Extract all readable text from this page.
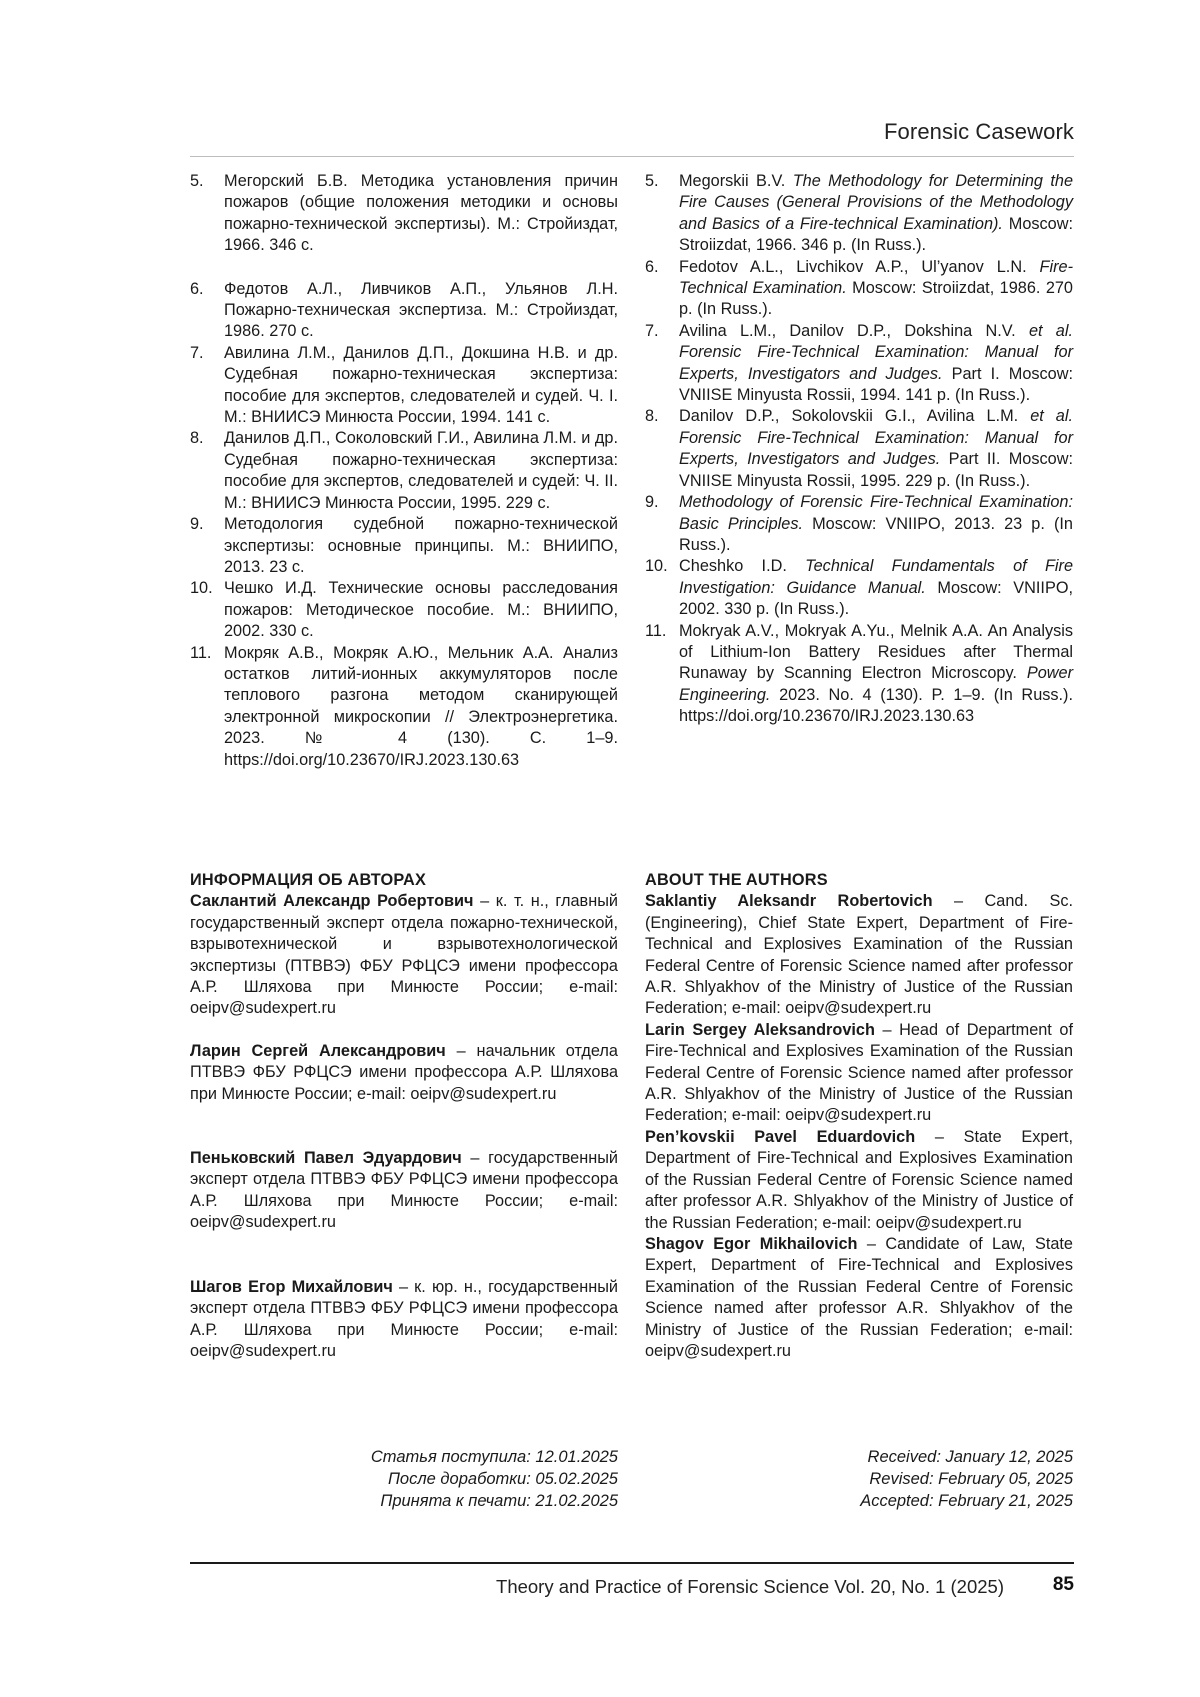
Forensic Casework
5. Мегорский Б.В. Методика установления причин пожаров (общие положения методики и основы пожарно-технической экспертизы). М.: Стройиздат, 1966. 346 с.
6. Федотов А.Л., Ливчиков А.П., Ульянов Л.Н. Пожарно-техническая экспертиза. М.: Стройиздат, 1986. 270 с.
7. Авилина Л.М., Данилов Д.П., Докшина Н.В. и др. Судебная пожарно-техническая экспертиза: пособие для экспертов, следователей и судей. Ч. I. М.: ВНИИСЭ Минюста России, 1994. 141 с.
8. Данилов Д.П., Соколовский Г.И., Авилина Л.М. и др. Судебная пожарно-техническая экспертиза: пособие для экспертов, следователей и судей: Ч. II. М.: ВНИИСЭ Минюста России, 1995. 229 с.
9. Методология судебной пожарно-технической экспертизы: основные принципы. М.: ВНИИПО, 2013. 23 с.
10. Чешко И.Д. Технические основы расследования пожаров: Методическое пособие. М.: ВНИИПО, 2002. 330 с.
11. Мокряк А.В., Мокряк А.Ю., Мельник А.А. Анализ остатков литий-ионных аккумуляторов после теплового разгона методом сканирующей электронной микроскопии // Электроэнергетика. 2023. № 4 (130). С. 1–9. https://doi.org/10.23670/IRJ.2023.130.63
5. Megorskii B.V. The Methodology for Determining the Fire Causes (General Provisions of the Methodology and Basics of a Fire-technical Examination). Moscow: Stroiizdat, 1966. 346 p. (In Russ.).
6. Fedotov A.L., Livchikov A.P., Ul’yanov L.N. Fire-Technical Examination. Moscow: Stroiizdat, 1986. 270 p. (In Russ.).
7. Avilina L.M., Danilov D.P., Dokshina N.V. et al. Forensic Fire-Technical Examination: Manual for Experts, Investigators and Judges. Part I. Moscow: VNIISE Minyusta Rossii, 1994. 141 p. (In Russ.).
8. Danilov D.P., Sokolovskii G.I., Avilina L.M. et al. Forensic Fire-Technical Examination: Manual for Experts, Investigators and Judges. Part II. Moscow: VNIISE Minyusta Rossii, 1995. 229 p. (In Russ.).
9. Methodology of Forensic Fire-Technical Examination: Basic Principles. Moscow: VNIIPO, 2013. 23 p. (In Russ.).
10. Cheshko I.D. Technical Fundamentals of Fire Investigation: Guidance Manual. Moscow: VNIIPO, 2002. 330 p. (In Russ.).
11. Mokryak A.V., Mokryak A.Yu., Melnik A.A. An Analysis of Lithium-Ion Battery Residues after Thermal Runaway by Scanning Electron Microscopy. Power Engineering. 2023. No. 4 (130). P. 1–9. (In Russ.). https://doi.org/10.23670/IRJ.2023.130.63
ИНФОРМАЦИЯ ОБ АВТОРАХ

Саклантий Александр Робертович – к. т. н., главный государственный эксперт отдела пожарно-технической, взрывотехнической и взрывотехнологической экспертизы (ПТВВЭ) ФБУ РФЦСЭ имени профессора А.Р. Шляхова при Минюсте России; e-mail: oeipv@sudexpert.ru

Ларин Сергей Александрович – начальник отдела ПТВВЭ ФБУ РФЦСЭ имени профессора А.Р. Шляхова при Минюсте России; e-mail: oeipv@sudexpert.ru

Пеньковский Павел Эдуардович – государственный эксперт отдела ПТВВЭ ФБУ РФЦСЭ имени профессора А.Р. Шляхова при Минюсте России; e-mail: oeipv@sudexpert.ru

Шагов Егор Михайлович – к. юр. н., государственный эксперт отдела ПТВВЭ ФБУ РФЦСЭ имени профессора А.Р. Шляхова при Минюсте России; e-mail: oeipv@sudexpert.ru

ABOUT THE AUTHORS

Saklantiy Aleksandr Robertovich – Cand. Sc. (Engineering), Chief State Expert, Department of Fire-Technical and Explosives Examination of the Russian Federal Centre of Forensic Science named after professor A.R. Shlyakhov of the Ministry of Justice of the Russian Federation; e-mail: oeipv@sudexpert.ru

Larin Sergey Aleksandrovich – Head of Department of Fire-Technical and Explosives Examination of the Russian Federal Centre of Forensic Science named after professor A.R. Shlyakhov of the Ministry of Justice of the Russian Federation; e-mail: oeipv@sudexpert.ru

Pen’kovskii Pavel Eduardovich – State Expert, Department of Fire-Technical and Explosives Examination of the Russian Federal Centre of Forensic Science named after professor A.R. Shlyakhov of the Ministry of Justice of the Russian Federation; e-mail: oeipv@sudexpert.ru

Shagov Egor Mikhailovich – Candidate of Law, State Expert, Department of Fire-Technical and Explosives Examination of the Russian Federal Centre of Forensic Science named after professor A.R. Shlyakhov of the Ministry of Justice of the Russian Federation; e-mail: oeipv@sudexpert.ru

Статья поступила: 12.01.2025
После доработки: 05.02.2025
Принята к печати: 21.02.2025
Received: January 12, 2025
Revised: February 05, 2025
Accepted: February 21, 2025
Theory and Practice of Forensic Science Vol. 20, No. 1 (2025)	85
